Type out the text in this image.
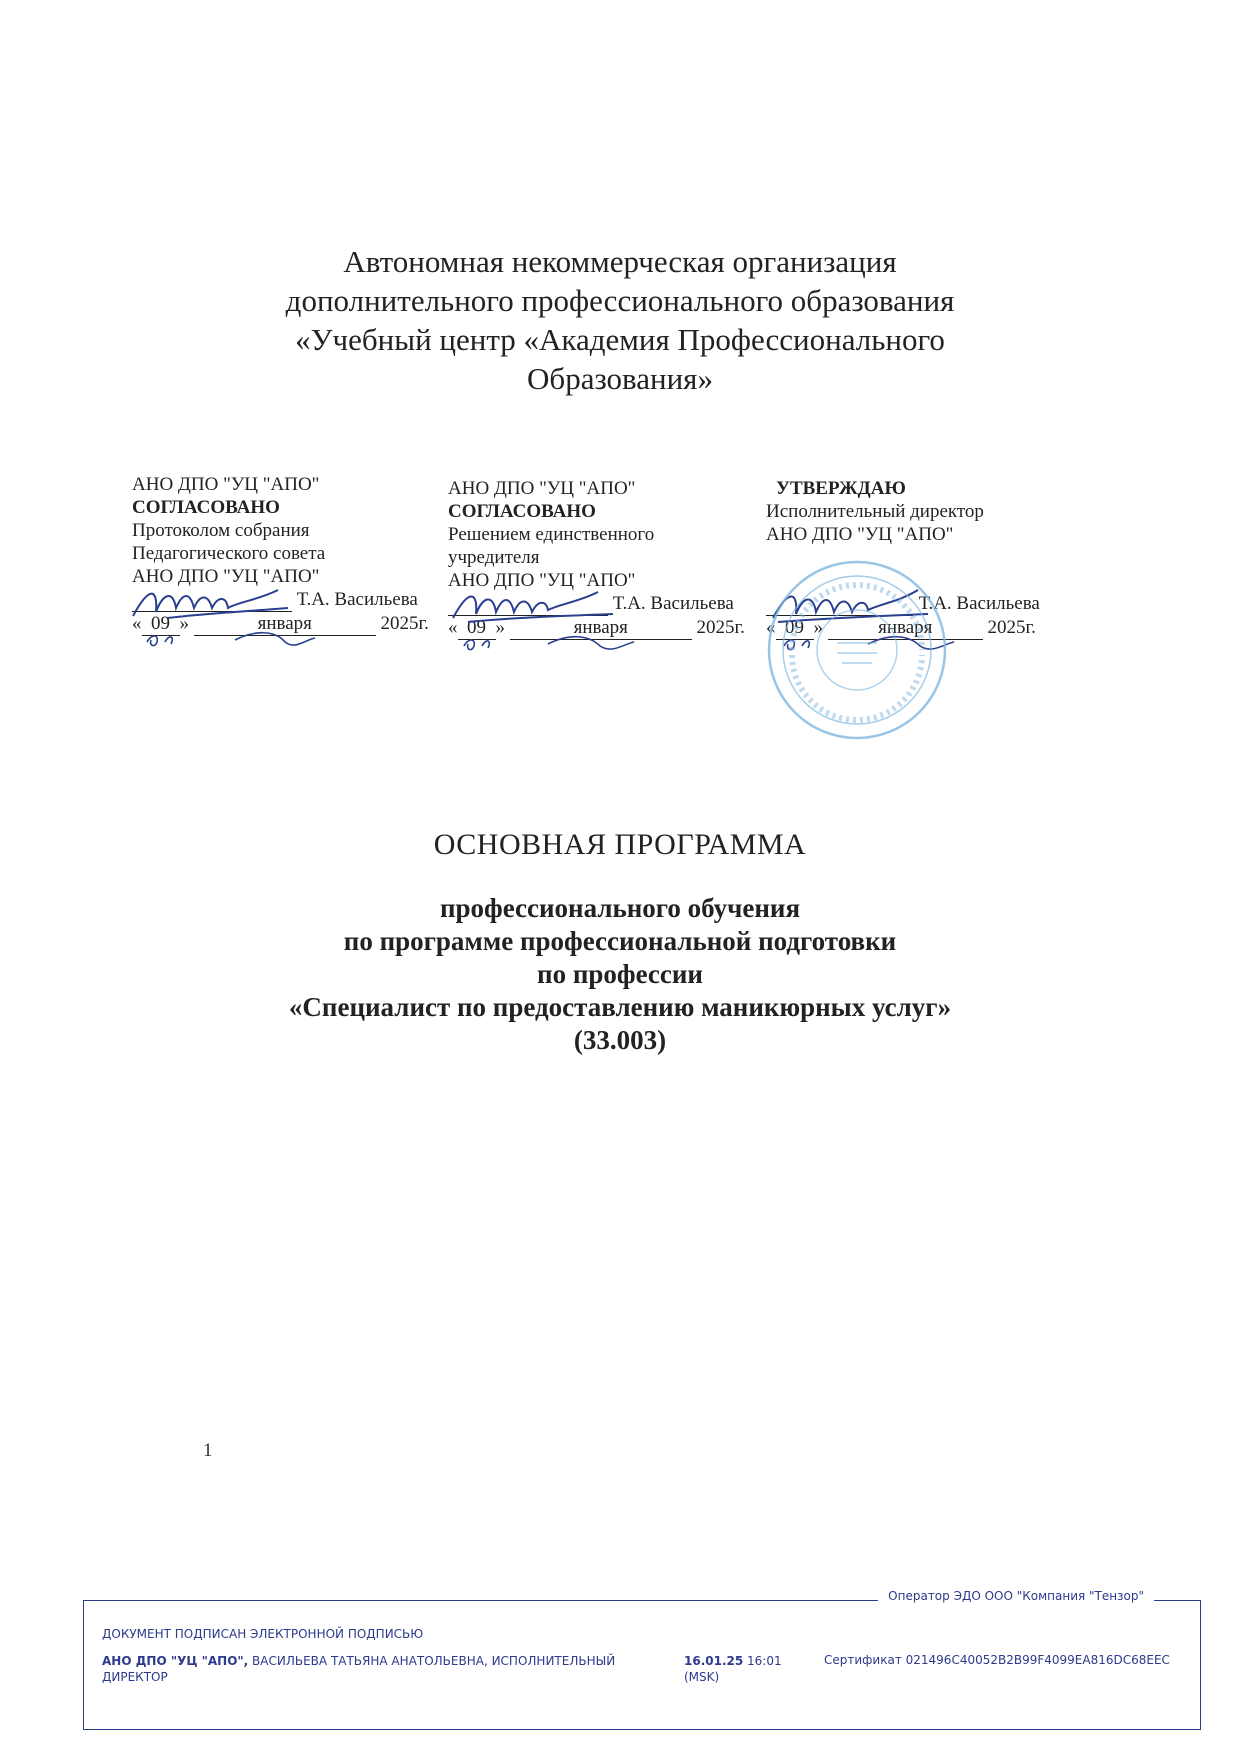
Автономная некоммерческая организация
дополнительного профессионального образования
«Учебный центр «Академия Профессионального
Образования»
АНО ДПО "УЦ "АПО"
СОГЛАСОВАНО
Протоколом собрания
Педагогического совета
АНО ДПО "УЦ "АПО"
Т.А. Васильева
« 09 »	января	2025г.
АНО ДПО "УЦ "АПО"
СОГЛАСОВАНО
Решением единственного
учредителя
АНО ДПО "УЦ "АПО"
Т.А. Васильева
« 09 »	января	2025г.
УТВЕРЖДАЮ
Исполнительный директор
АНО ДПО "УЦ "АПО"
Т.А. Васильева
« 09 »	января	2025г.
ОСНОВНАЯ ПРОГРАММА
профессионального обучения
по программе профессиональной подготовки
по профессии
«Специалист по предоставлению маникюрных услуг»
(33.003)
1
Оператор ЭДО ООО "Компания "Тензор"
ДОКУМЕНТ ПОДПИСАН ЭЛЕКТРОННОЙ ПОДПИСЬЮ
АНО ДПО "УЦ "АПО", ВАСИЛЬЕВА ТАТЬЯНА АНАТОЛЬЕВНА, ИСПОЛНИТЕЛЬНЫЙ ДИРЕКТОР
16.01.25 16:01
(MSK)
Сертификат 021496C40052B2B99F4099EA816DC68EEC
